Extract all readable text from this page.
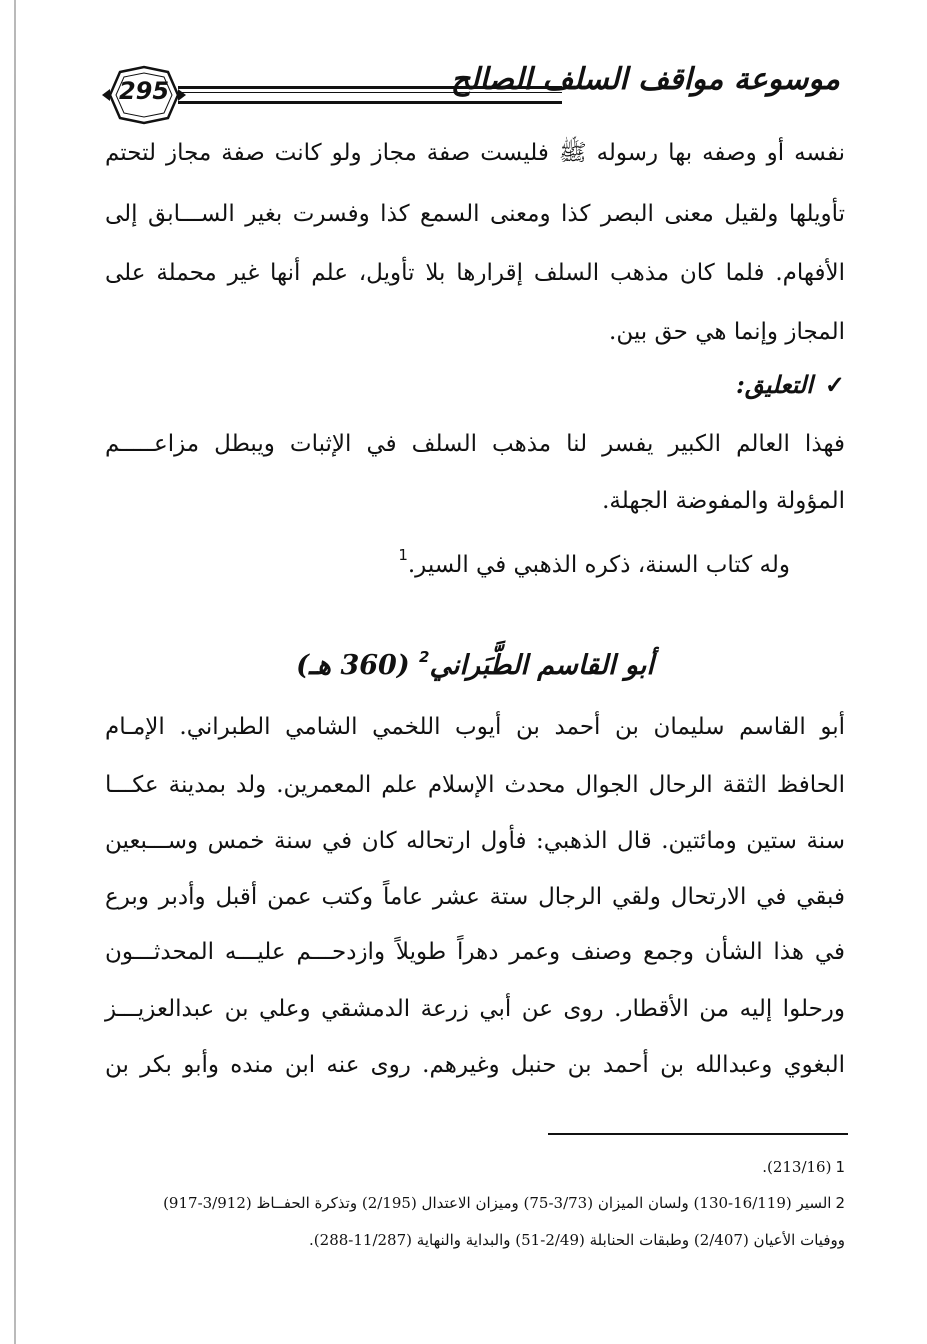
295	موسوعة مواقف السلف الصالح
نفسه أو وصفه بها رسوله ﷺ فليست صفة مجاز ولو كانت صفة مجاز لتحتم
تأويلها ولقيل معنى البصر كذا ومعنى السمع كذا وفسرت بغير الســـابق إلى
الأفهام. فلما كان مذهب السلف إقرارها بلا تأويل، علم أنها غير محملة على
المجاز وإنما هي حق بين.
✓التعليق:
فهذا العالم الكبير يفسر لنا مذهب السلف في الإثبات ويبطل مزاعـــــم
المؤولة والمفوضة الجهلة.
وله كتاب السنة، ذكره الذهبي في السير.$^1$
أبو القاسم الطَّبَراني$^2$ (360 هـ)
أبو القاسم سليمان بن أحمد بن أيوب اللخمي الشامي الطبراني. الإمـام
الحافظ الثقة الرحال الجوال محدث الإسلام علم المعمرين. ولد بمدينة عكـــا
سنة ستين ومائتين. قال الذهبي: فأول ارتحاله كان في سنة خمس وســـبعين
فبقي في الارتحال ولقي الرجال ستة عشر عاماً وكتب عمن أقبل وأدبر وبرع
في هذا الشأن وجمع وصنف وعمر دهراً طويلاً وازدحـــم عليـــه المحدثـــون
ورحلوا إليه من الأقطار. روى عن أبي زرعة الدمشقي وعلي بن عبدالعزيـــز
البغوي وعبدالله بن أحمد بن حنبل وغيرهم. روى عنه ابن منده وأبو بكر بن
1(213/16).
2السير (16/119-130) ولسان الميزان (3/73-75) وميزان الاعتدال (2/195) وتذكرة الحفــاظ (3/912-917)
ووفيات الأعيان (2/407) وطبقات الحنابلة (2/49-51) والبداية والنهاية (11/287-288).
